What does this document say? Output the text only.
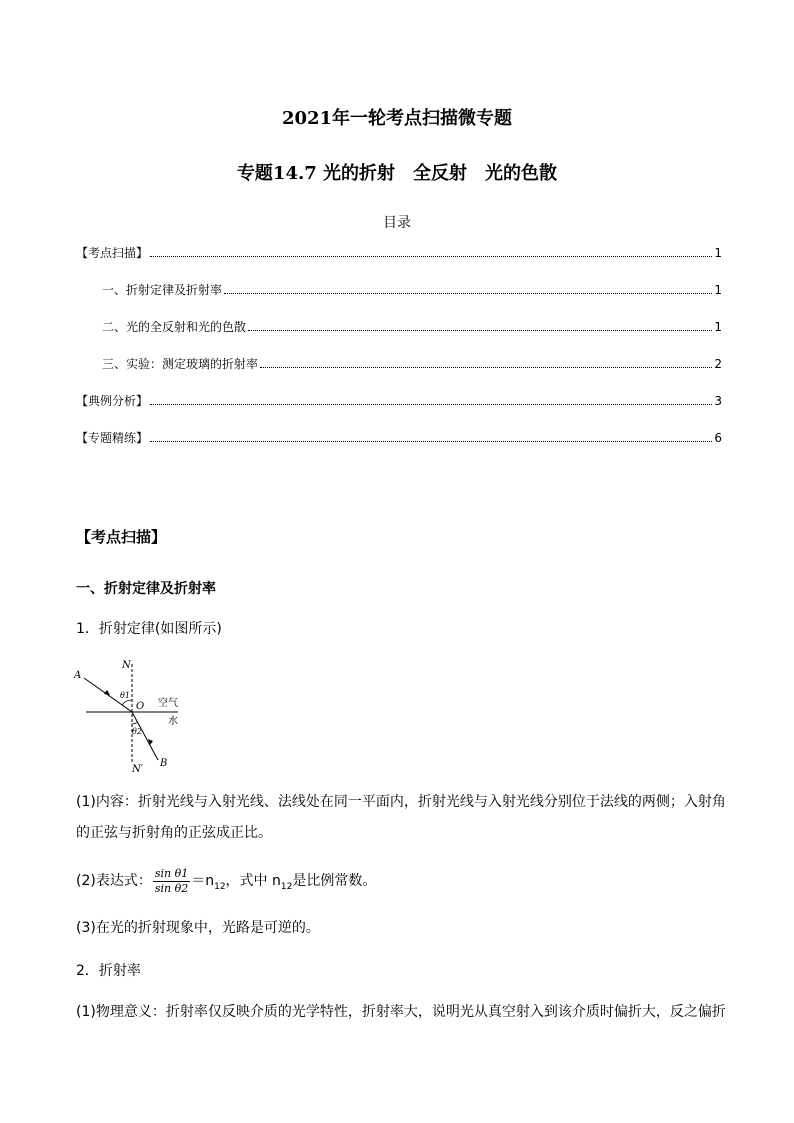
2021年一轮考点扫描微专题
专题14.7 光的折射　全反射　光的色散
目录
【考点扫描】	1
一、折射定律及折射率	1
二、光的全反射和光的色散	1
三、实验：测定玻璃的折射率	2
【典例分析】	3
【专题精练】	6
【考点扫描】
一、折射定律及折射率
1．折射定律(如图所示)
A
N
θ1
O 空气
水
θ2
N′
B
(1)内容：折射光线与入射光线、法线处在同一平面内，折射光线与入射光线分别位于法线的两侧；入射角
的正弦与折射角的正弦成正比。
(2)表达式： $\frac{\text{sin θ1}}{\text{sin θ2}} =n_{12}$，式中 $n_{12}$是比例常数。
(3)在光的折射现象中，光路是可逆的。
2．折射率
(1)物理意义：折射率仅反映介质的光学特性，折射率大，说明光从真空射入到该介质时偏折大，反之偏折
